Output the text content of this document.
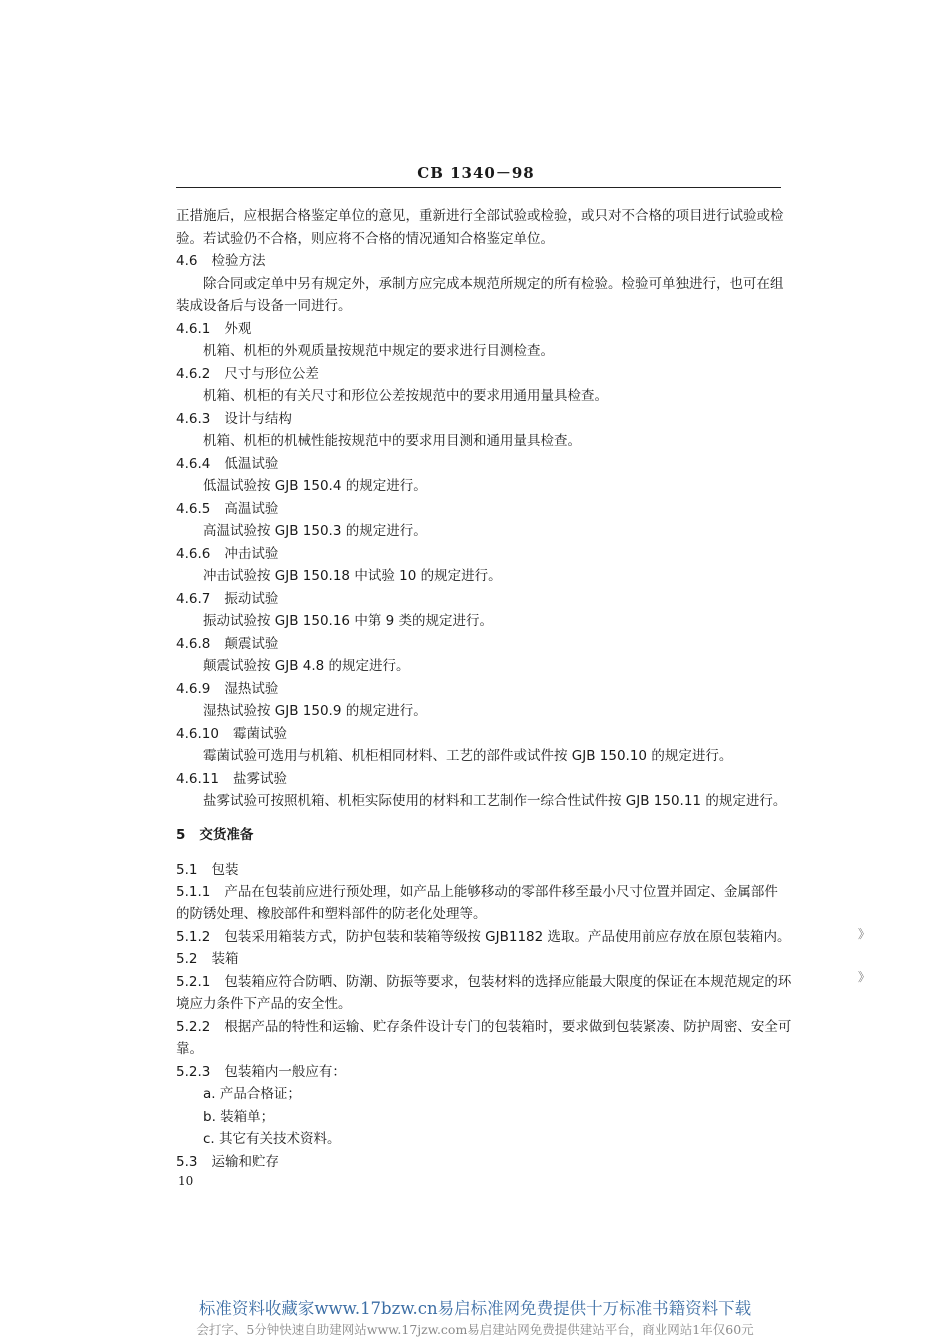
CB 1340－98
正措施后，应根据合格鉴定单位的意见，重新进行全部试验或检验，或只对不合格的项目进行试验或检
验。若试验仍不合格，则应将不合格的情况通知合格鉴定单位。
4.6 检验方法
除合同或定单中另有规定外，承制方应完成本规范所规定的所有检验。检验可单独进行，也可在组
装成设备后与设备一同进行。
4.6.1 外观
机箱、机柜的外观质量按规范中规定的要求进行目测检查。
4.6.2 尺寸与形位公差
机箱、机柜的有关尺寸和形位公差按规范中的要求用通用量具检查。
4.6.3 设计与结构
机箱、机柜的机械性能按规范中的要求用目测和通用量具检查。
4.6.4 低温试验
低温试验按 GJB 150.4 的规定进行。
4.6.5 高温试验
高温试验按 GJB 150.3 的规定进行。
4.6.6 冲击试验
冲击试验按 GJB 150.18 中试验 10 的规定进行。
4.6.7 振动试验
振动试验按 GJB 150.16 中第 9 类的规定进行。
4.6.8 颠震试验
颠震试验按 GJB 4.8 的规定进行。
4.6.9 湿热试验
湿热试验按 GJB 150.9 的规定进行。
4.6.10 霉菌试验
霉菌试验可选用与机箱、机柜相同材料、工艺的部件或试件按 GJB 150.10 的规定进行。
4.6.11 盐雾试验
盐雾试验可按照机箱、机柜实际使用的材料和工艺制作一综合性试件按 GJB 150.11 的规定进行。
5 交货准备
5.1 包装
5.1.1 产品在包装前应进行预处理，如产品上能够移动的零部件移至最小尺寸位置并固定、金属部件
的防锈处理、橡胶部件和塑料部件的防老化处理等。
5.1.2 包装采用箱装方式，防护包装和装箱等级按 GJB1182 选取。产品使用前应存放在原包装箱内。
5.2 装箱
5.2.1 包装箱应符合防晒、防潮、防振等要求，包装材料的选择应能最大限度的保证在本规范规定的环
境应力条件下产品的安全性。
5.2.2 根据产品的特性和运输、贮存条件设计专门的包装箱时，要求做到包装紧凑、防护周密、安全可
靠。
5.2.3 包装箱内一般应有：
a. 产品合格证；
b. 装箱单；
c. 其它有关技术资料。
5.3 运输和贮存
10
》
》
标准资料收藏家www.17bzw.cn易启标准网免费提供十万标准书籍资料下载
会打字、5分钟快速自助建网站www.17jzw.com易启建站网免费提供建站平台，商业网站1年仅60元
